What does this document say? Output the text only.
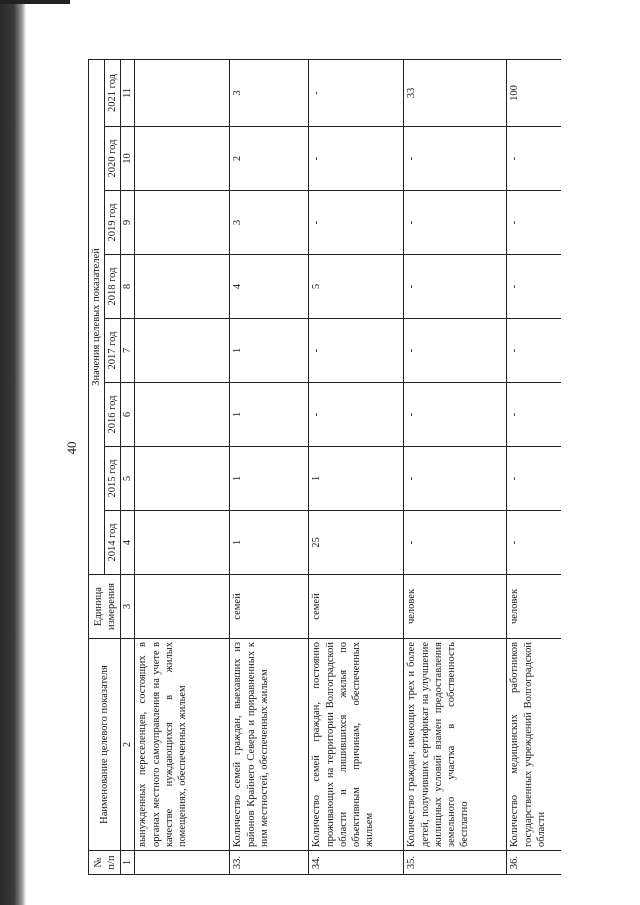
40
№ п/п	Наименование целевого показателя	Единица измерения	Значения целевых показателей							
			2014 год	2015 год	2016 год	2017 год	2018 год	2019 год	2020 год	2021 год
1	2	3	4	5	6	7	8	9	10	11
	вынужденных переселенцев, состоящих в органах местного самоуправления на учете в качестве нуждающихся в жилых помещениях, обеспеченных жильем									
33.	Количество семей граждан, выехавших из районов Крайнего Севера и приравненных к ним местностей, обеспеченных жильем	семей	1	1	1	1	4	3	2	3
34.	Количество семей граждан, постоянно проживающих на территории Волгоградской области и лишившихся жилья по объективным причинам, обеспеченных жильем	семей	25	1	-	-	5	-	-	-
35.	Количество граждан, имеющих трех и более детей, получивших сертификат на улучшение жилищных условий взамен предоставления земельного участка в собственность бесплатно	человек	-	-	-	-	-	-	-	33
36.	Количество медицинских работников государственных учреждений Волгоградской области	человек	-	-	-	-	-	-	-	100
